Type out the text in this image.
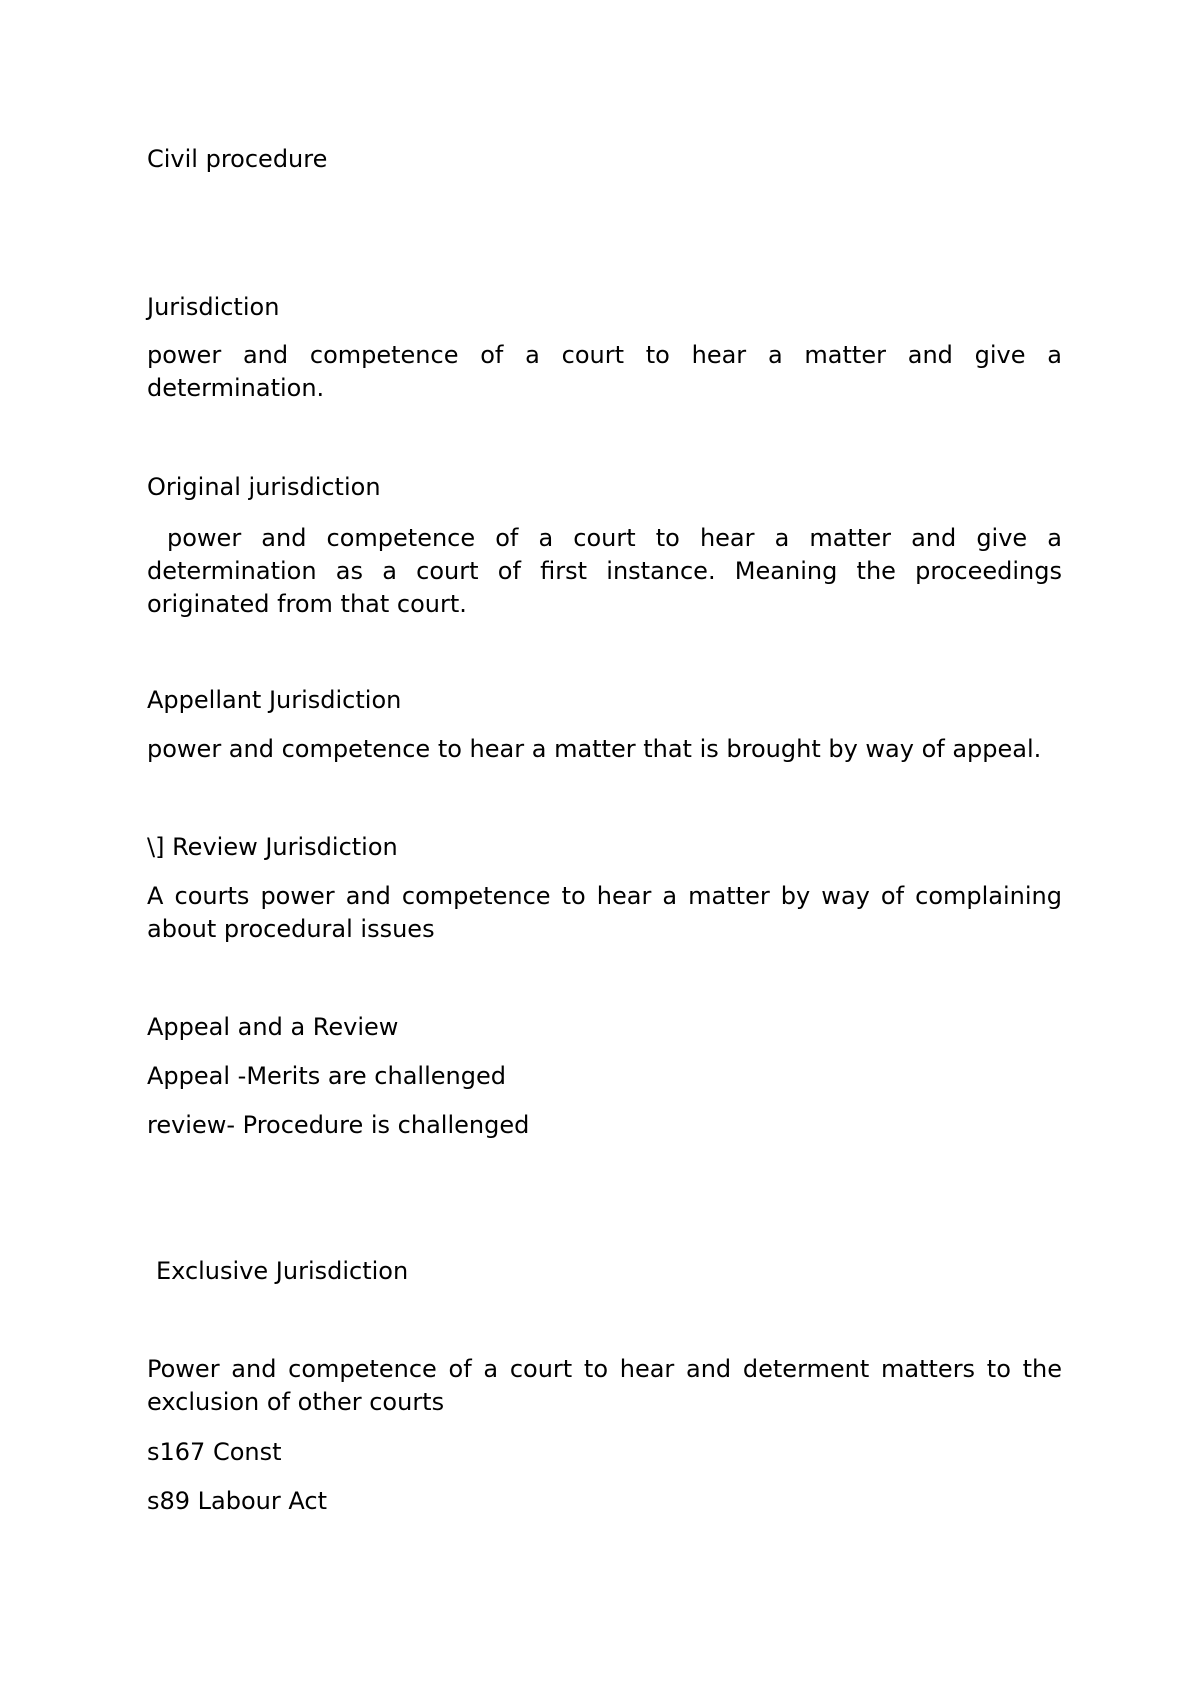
Civil procedure

Jurisdiction

power and competence of a court to hear a matter and give a determination.

Original jurisdiction

power and competence of a court to hear a matter and give a determination as a court of first instance. Meaning the proceedings originated from that court.

Appellant Jurisdiction

power and competence to hear a matter that is brought by way of appeal.

\] Review Jurisdiction

A courts power and competence to hear a matter by way of complaining about procedural issues

Appeal and a Review

Appeal -Merits are challenged

review- Procedure is challenged

Exclusive Jurisdiction

Power and competence of a court to hear and determent matters to the exclusion of other courts

s167 Const

s89 Labour Act
